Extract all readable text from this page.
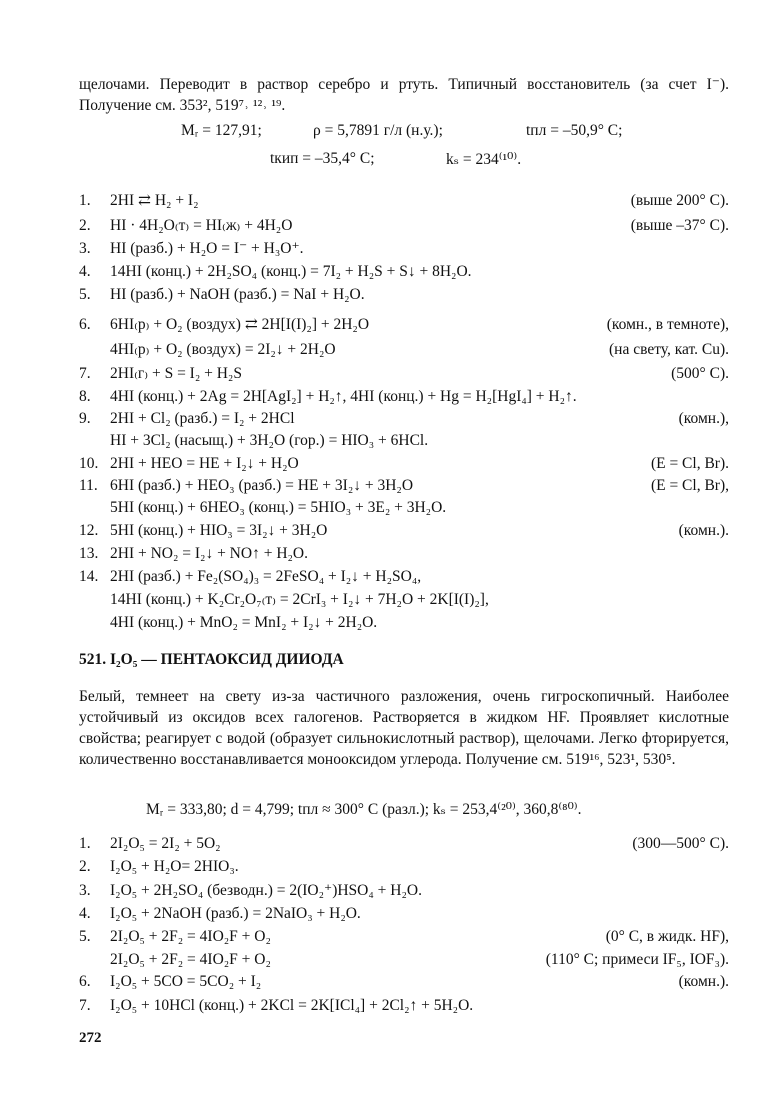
щелочами. Переводит в раствор серебро и ртуть. Типичный восстановитель (за счет I⁻). Получение см. 353², 519⁷˒ ¹²˒ ¹⁹.
Mᵣ = 127,91;	ρ = 5,7891 г/л (н.у.);	tпл = –50,9° С;
tкип = –35,4° С;	kₛ = 234⁽¹⁰⁾.
1.	2HI ⇄ H₂ + I₂	(выше 200° С).
2.	HI · 4H₂O₍т₎ = HI₍ж₎ + 4H₂O	(выше –37° С).
3.	HI (разб.) + H₂O = I⁻ + H₃O⁺.
4.	14HI (конц.) + 2H₂SO₄ (конц.) = 7I₂ + H₂S + S↓ + 8H₂O.
5.	HI (разб.) + NaOH (разб.) = NaI + H₂O.
6.	6HI₍р₎ + O₂ (воздух) ⇄ 2H[I(I)₂] + 2H₂O	(комн., в темноте),
4HI₍р₎ + O₂ (воздух) = 2I₂↓ + 2H₂O	(на свету, кат. Cu).
7.	2HI₍г₎ + S = I₂ + H₂S	(500° С).
8.	4HI (конц.) + 2Ag = 2H[AgI₂] + H₂↑, 4HI (конц.) + Hg = H₂[HgI₄] + H₂↑.
9.	2HI + Cl₂ (разб.) = I₂ + 2HCl	(комн.),
HI + 3Cl₂ (насыщ.) + 3H₂O (гор.) = HIO₃ + 6HCl.
10. 2HI + HEO = HE + I₂↓ + H₂O	(E = Cl, Br).
11. 6HI (разб.) + HEO₃ (разб.) = HE + 3I₂↓ + 3H₂O	(E = Cl, Br),
5HI (конц.) + 6HEO₃ (конц.) = 5HIO₃ + 3E₂ + 3H₂O.
12. 5HI (конц.) + HIO₃ = 3I₂↓ + 3H₂O	(комн.).
13. 2HI + NO₂ = I₂↓ + NO↑ + H₂O.
14. 2HI (разб.) + Fe₂(SO₄)₃ = 2FeSO₄ + I₂↓ + H₂SO₄,
14HI (конц.) + K₂Cr₂O₇₍т₎ = 2CrI₃ + I₂↓ + 7H₂O + 2K[I(I)₂],
4HI (конц.) + MnO₂ = MnI₂ + I₂↓ + 2H₂O.
521. I₂O₅ — ПЕНТАОКСИД ДИИОДА
Белый, темнеет на свету из-за частичного разложения, очень гигроскопичный. Наиболее устойчивый из оксидов всех галогенов. Растворяется в жидком HF. Проявляет кислотные свойства; реагирует с водой (образует сильнокислотный раствор), щелочами. Легко фторируется, количественно восстанавливается монооксидом углерода. Получение см. 519¹⁶, 523¹, 530⁵.
Mᵣ = 333,80; d = 4,799; tпл ≈ 300° С (разл.); kₛ = 253,4⁽²⁰⁾, 360,8⁽⁸⁰⁾.
1.	2I₂O₅ = 2I₂ + 5O₂	(300—500° С).
2.	I₂O₅ + H₂O= 2HIO₃.
3.	I₂O₅ + 2H₂SO₄ (безводн.) = 2(IO₂⁺)HSO₄ + H₂O.
4.	I₂O₅ + 2NaOH (разб.) = 2NaIO₃ + H₂O.
5.	2I₂O₅ + 2F₂ = 4IO₂F + O₂	(0° С, в жидк. HF),
2I₂O₅ + 2F₂ = 4IO₂F + O₂	(110° С; примеси IF₅, IOF₃).
6.	I₂O₅ + 5CO = 5CO₂ + I₂	(комн.).
7.	I₂O₅ + 10HCl (конц.) + 2KCl = 2K[ICl₄] + 2Cl₂↑ + 5H₂O.
272
